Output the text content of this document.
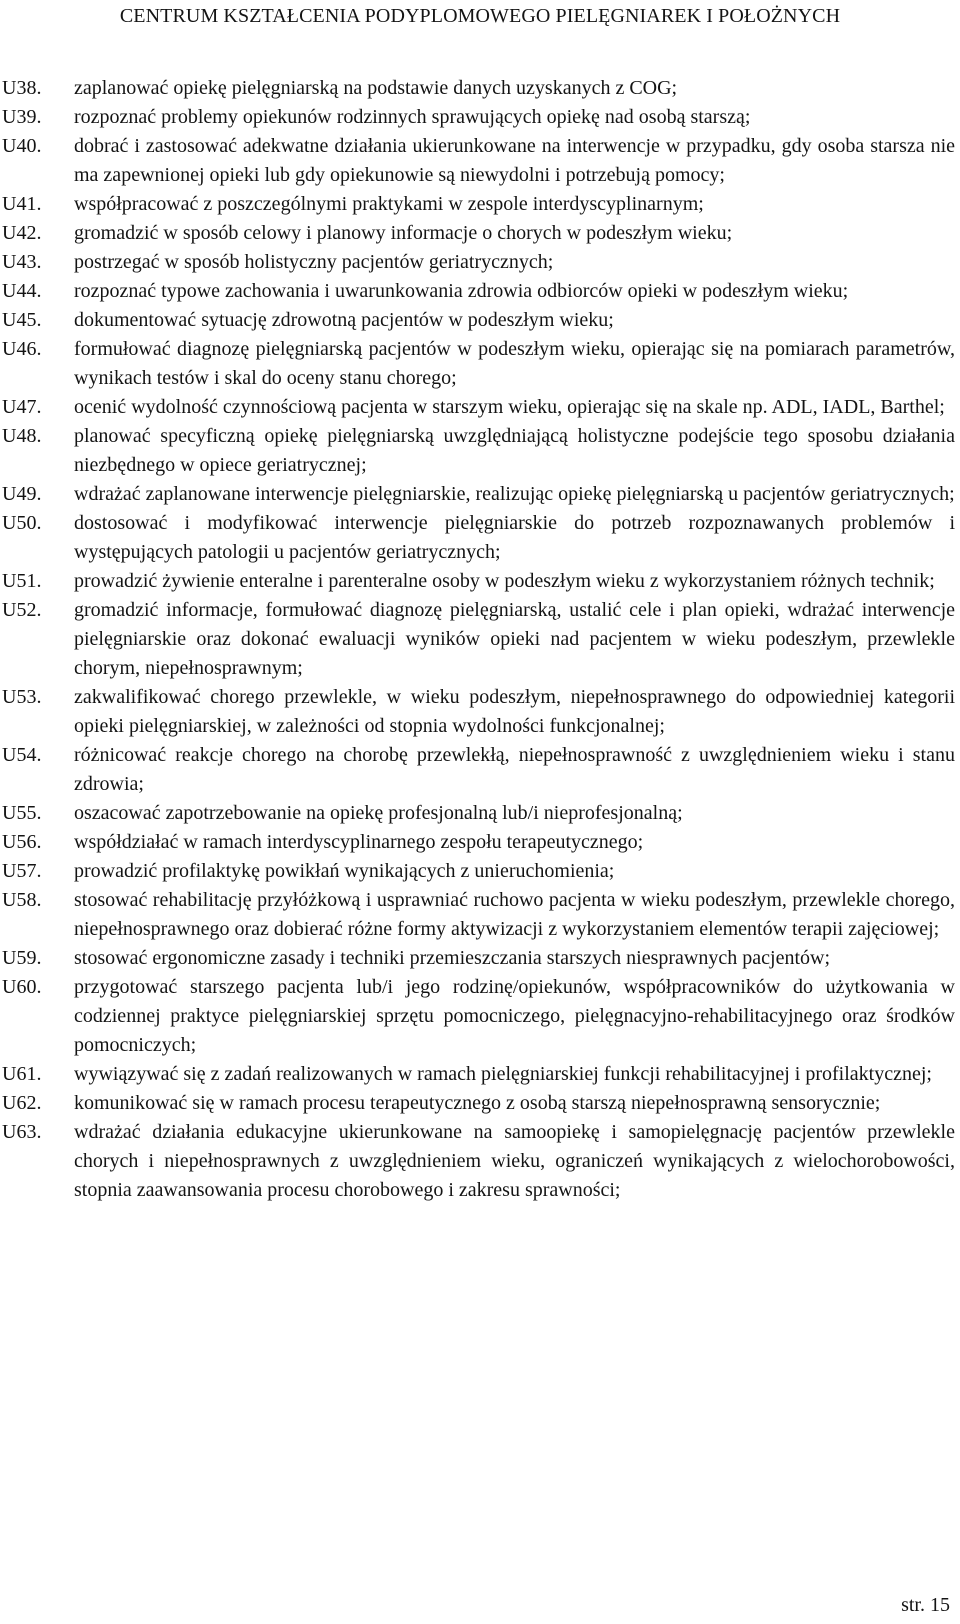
CENTRUM KSZTAŁCENIA PODYPLOMOWEGO PIELĘGNIAREK I POŁOŻNYCH
U38.	zaplanować opiekę pielęgniarską na podstawie danych uzyskanych z COG;

U39.	rozpoznać problemy opiekunów rodzinnych sprawujących opiekę nad osobą starszą;

U40.	dobrać i zastosować adekwatne działania ukierunkowane na interwencje w przypadku, gdy osoba starsza nie ma zapewnionej opieki lub gdy opiekunowie są niewydolni i potrzebują pomocy;

U41.	współpracować z poszczególnymi praktykami w zespole interdyscyplinarnym;

U42.	gromadzić w sposób celowy i planowy informacje o chorych w podeszłym wieku;

U43.	postrzegać w sposób holistyczny pacjentów geriatrycznych;

U44.	rozpoznać typowe zachowania i uwarunkowania zdrowia odbiorców opieki w podeszłym wieku;

U45.	dokumentować sytuację zdrowotną pacjentów w podeszłym wieku;

U46.	formułować diagnozę pielęgniarską pacjentów w podeszłym wieku, opierając się na pomiarach parametrów, wynikach testów i skal do oceny stanu chorego;

U47.	ocenić wydolność czynnościową pacjenta w starszym wieku, opierając się na skale np. ADL, IADL, Barthel;

U48.	planować specyficzną opiekę pielęgniarską uwzględniającą holistyczne podejście tego sposobu działania niezbędnego w opiece geriatrycznej;

U49.	wdrażać zaplanowane interwencje pielęgniarskie, realizując opiekę pielęgniarską u pacjentów geriatrycznych;

U50.	dostosować i modyfikować interwencje pielęgniarskie do potrzeb rozpoznawanych problemów i występujących patologii u pacjentów geriatrycznych;

U51.	prowadzić żywienie enteralne i parenteralne osoby w podeszłym wieku z wykorzystaniem różnych technik;

U52.	gromadzić informacje, formułować diagnozę pielęgniarską, ustalić cele i plan opieki, wdrażać interwencje pielęgniarskie oraz dokonać ewaluacji wyników opieki nad pacjentem w wieku podeszłym, przewlekle chorym, niepełnosprawnym;

U53.	zakwalifikować chorego przewlekle, w wieku podeszłym, niepełnosprawnego do odpowiedniej kategorii opieki pielęgniarskiej, w zależności od stopnia wydolności funkcjonalnej;

U54.	różnicować reakcje chorego na chorobę przewlekłą, niepełnosprawność z uwzględnieniem wieku i stanu zdrowia;

U55.	oszacować zapotrzebowanie na opiekę profesjonalną lub/i nieprofesjonalną;

U56.	współdziałać w ramach interdyscyplinarnego zespołu terapeutycznego;

U57.	prowadzić profilaktykę powikłań wynikających z unieruchomienia;

U58.	stosować rehabilitację przyłóżkową i usprawniać ruchowo pacjenta w wieku podeszłym, przewlekle chorego, niepełnosprawnego oraz dobierać różne formy aktywizacji z wykorzystaniem elementów terapii zajęciowej;

U59.	stosować ergonomiczne zasady i techniki przemieszczania starszych niesprawnych pacjentów;

U60.	przygotować starszego pacjenta lub/i jego rodzinę/opiekunów, współpracowników do użytkowania w codziennej praktyce pielęgniarskiej sprzętu pomocniczego, pielęgnacyjno-rehabilitacyjnego oraz środków pomocniczych;

U61.	wywiązywać się z zadań realizowanych w ramach pielęgniarskiej funkcji rehabilitacyjnej i profilaktycznej;

U62.	komunikować się w ramach procesu terapeutycznego z osobą starszą niepełnosprawną sensorycznie;

U63.	wdrażać działania edukacyjne ukierunkowane na samoopiekę i samopielęgnację pacjentów przewlekle chorych i niepełnosprawnych z uwzględnieniem wieku, ograniczeń wynikających z wielochorobowości, stopnia zaawansowania procesu chorobowego i zakresu sprawności;

str. 15
